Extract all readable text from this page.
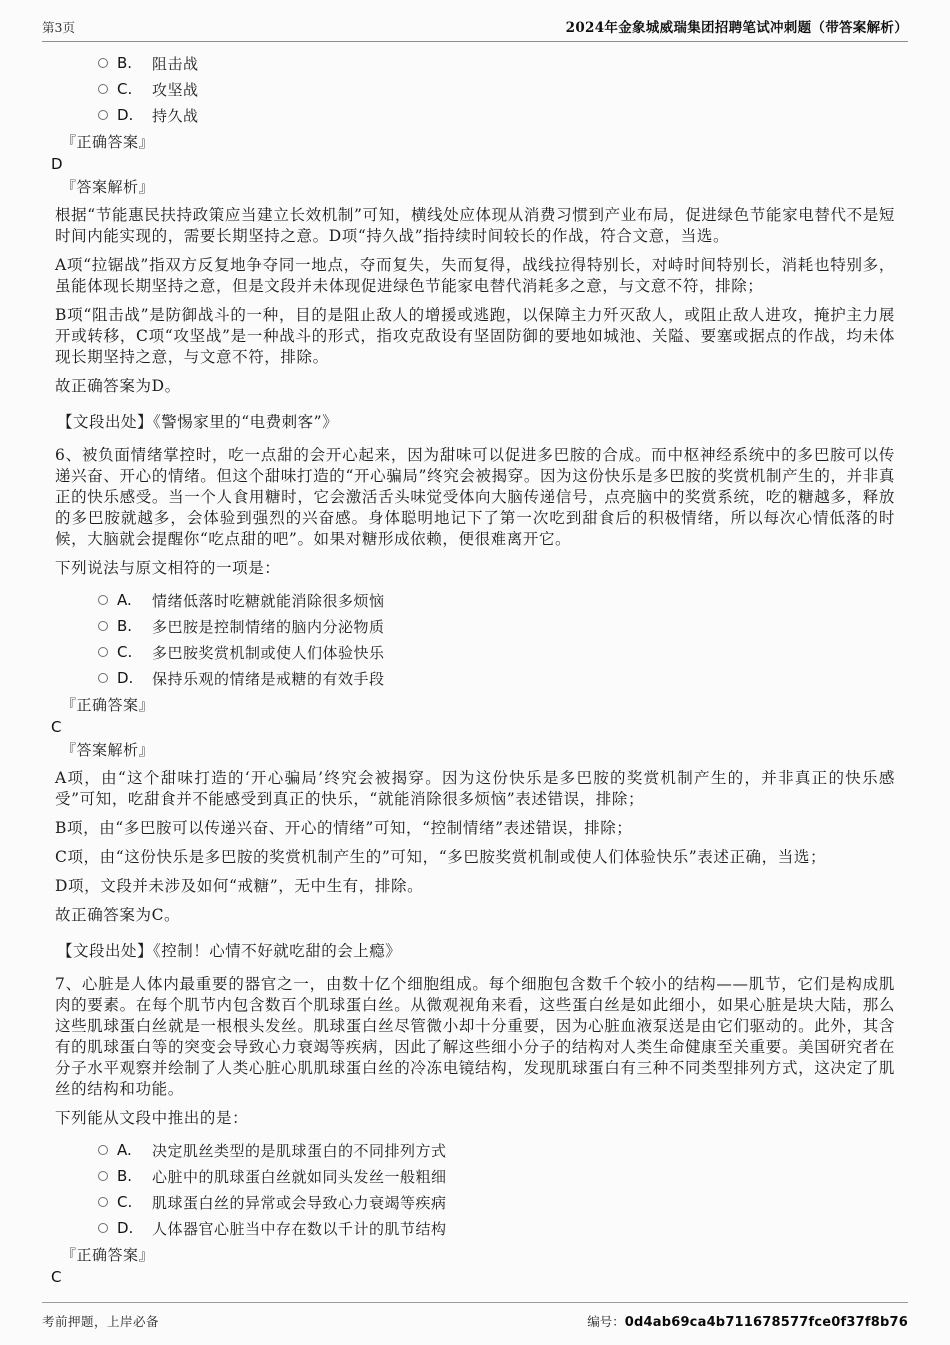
第3页	2024年金象城威瑞集团招聘笔试冲刺题（带答案解析）
B.	阻击战
C.	攻坚战
D.	持久战
『正确答案』
D
『答案解析』
根据“节能惠民扶持政策应当建立长效机制”可知，横线处应体现从消费习惯到产业布局，促进绿色节能家电替代不是短时间内能实现的，需要长期坚持之意。D项“持久战”指持续时间较长的作战，符合文意，当选。
A项“拉锯战”指双方反复地争夺同一地点，夺而复失，失而复得，战线拉得特别长，对峙时间特别长，消耗也特别多，虽能体现长期坚持之意，但是文段并未体现促进绿色节能家电替代消耗多之意，与文意不符，排除；
B项“阻击战”是防御战斗的一种，目的是阻止敌人的增援或逃跑，以保障主力歼灭敌人，或阻止敌人进攻，掩护主力展开或转移，C项“攻坚战”是一种战斗的形式，指攻克敌设有坚固防御的要地如城池、关隘、要塞或据点的作战，均未体现长期坚持之意，与文意不符，排除。
故正确答案为D。
【文段出处】《警惕家里的“电费刺客”》
6、被负面情绪掌控时，吃一点甜的会开心起来，因为甜味可以促进多巴胺的合成。而中枢神经系统中的多巴胺可以传递兴奋、开心的情绪。但这个甜味打造的“开心骗局”终究会被揭穿。因为这份快乐是多巴胺的奖赏机制产生的，并非真正的快乐感受。当一个人食用糖时，它会激活舌头味觉受体向大脑传递信号，点亮脑中的奖赏系统，吃的糖越多，释放的多巴胺就越多，会体验到强烈的兴奋感。身体聪明地记下了第一次吃到甜食后的积极情绪，所以每次心情低落的时候，大脑就会提醒你“吃点甜的吧”。如果对糖形成依赖，便很难离开它。
下列说法与原文相符的一项是：
A.	情绪低落时吃糖就能消除很多烦恼
B.	多巴胺是控制情绪的脑内分泌物质
C.	多巴胺奖赏机制或使人们体验快乐
D.	保持乐观的情绪是戒糖的有效手段
『正确答案』
C
『答案解析』
A项，由“这个甜味打造的‘开心骗局’终究会被揭穿。因为这份快乐是多巴胺的奖赏机制产生的，并非真正的快乐感受”可知，吃甜食并不能感受到真正的快乐，“就能消除很多烦恼”表述错误，排除；
B项，由“多巴胺可以传递兴奋、开心的情绪”可知，“控制情绪”表述错误，排除；
C项，由“这份快乐是多巴胺的奖赏机制产生的”可知，“多巴胺奖赏机制或使人们体验快乐”表述正确，当选；
D项，文段并未涉及如何“戒糖”，无中生有，排除。
故正确答案为C。
【文段出处】《控制！心情不好就吃甜的会上瘾》
7、心脏是人体内最重要的器官之一，由数十亿个细胞组成。每个细胞包含数千个较小的结构——肌节，它们是构成肌肉的要素。在每个肌节内包含数百个肌球蛋白丝。从微观视角来看，这些蛋白丝是如此细小，如果心脏是块大陆，那么这些肌球蛋白丝就是一根根头发丝。肌球蛋白丝尽管微小却十分重要，因为心脏血液泵送是由它们驱动的。此外，其含有的肌球蛋白等的突变会导致心力衰竭等疾病，因此了解这些细小分子的结构对人类生命健康至关重要。美国研究者在分子水平观察并绘制了人类心脏心肌肌球蛋白丝的冷冻电镜结构，发现肌球蛋白有三种不同类型排列方式，这决定了肌丝的结构和功能。
下列能从文段中推出的是：
A.	决定肌丝类型的是肌球蛋白的不同排列方式
B.	心脏中的肌球蛋白丝就如同头发丝一般粗细
C.	肌球蛋白丝的异常或会导致心力衰竭等疾病
D.	人体器官心脏当中存在数以千计的肌节结构
『正确答案』
C
考前押题，上岸必备	编号：0d4ab69ca4b711678577fce0f37f8b76
